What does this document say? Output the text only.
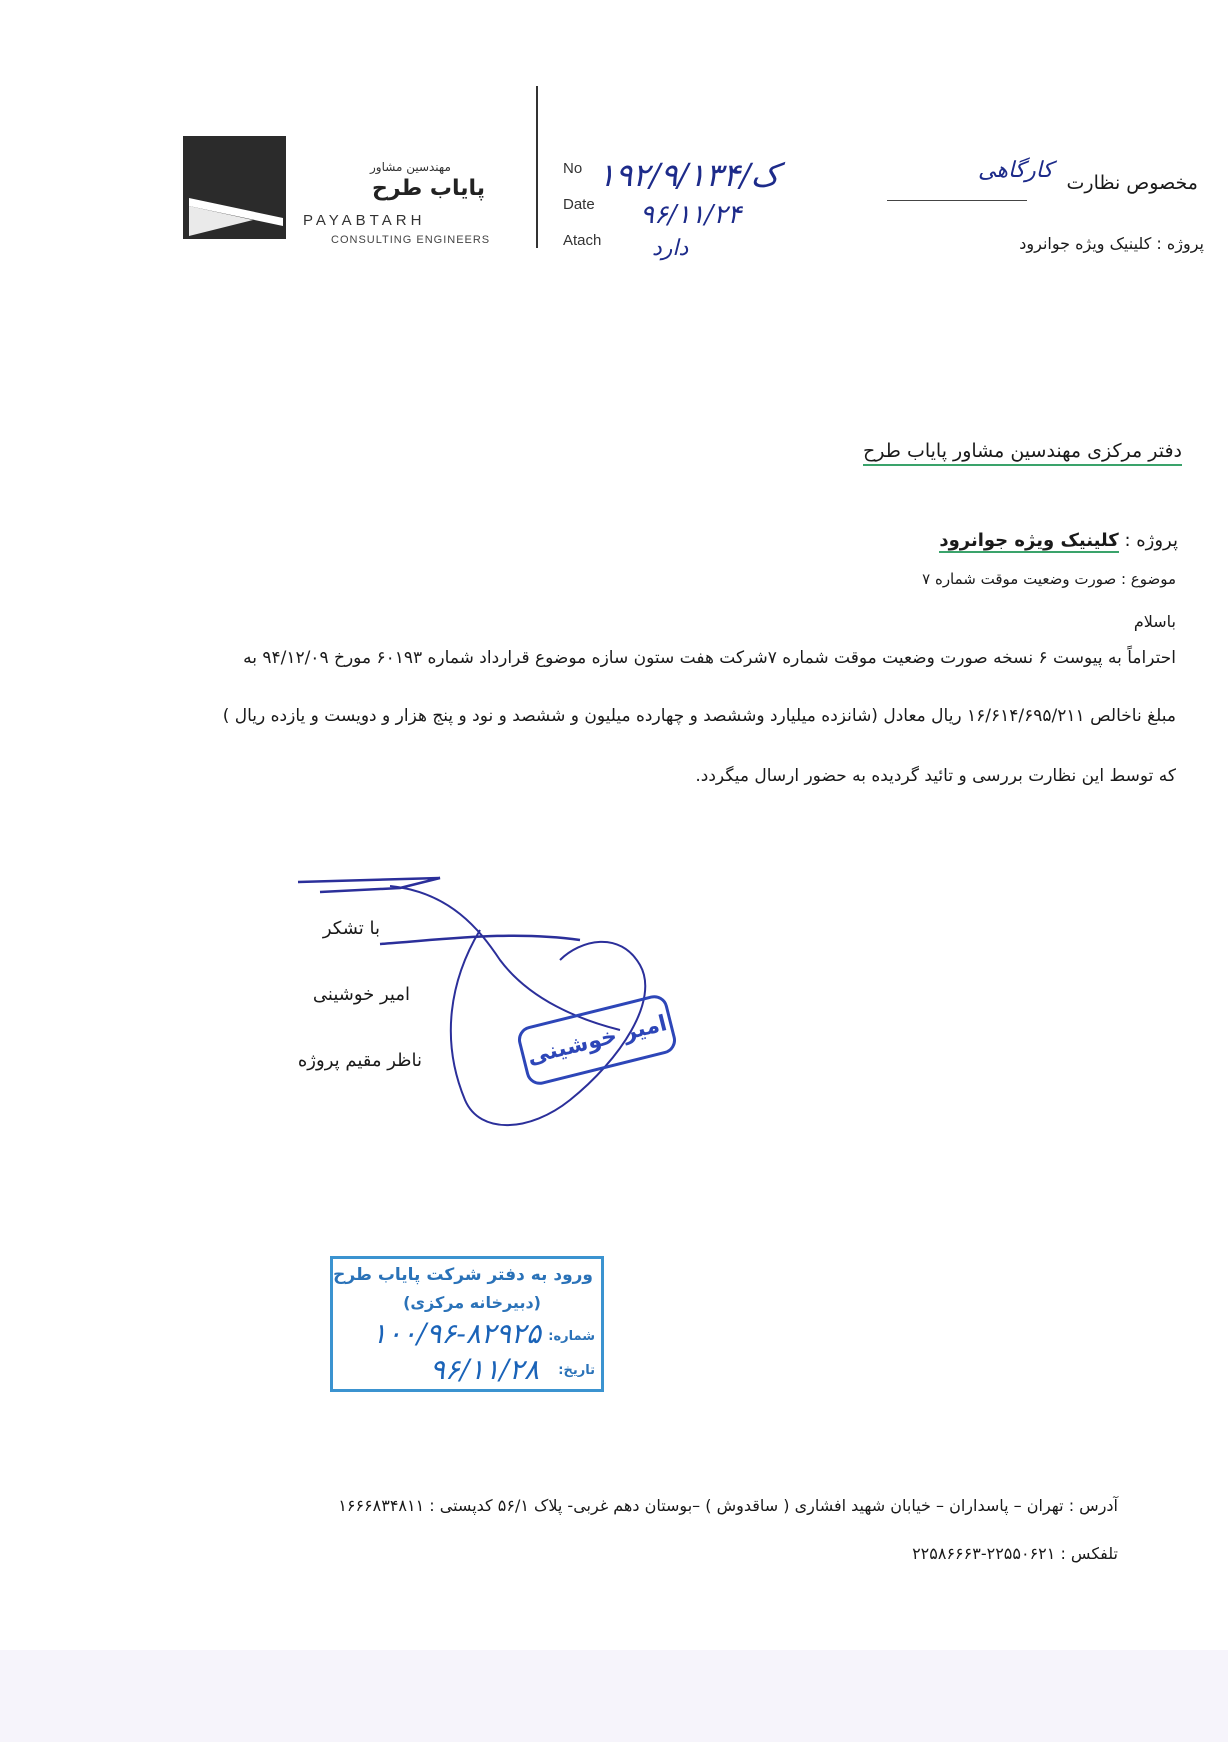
مهندسین مشاور
پایاب طرح
PAYABTARH
CONSULTING ENGINEERS
No
Date
Atach
۱۹۲/۹/ک/۱۳۴
۹۶/۱۱/۲۴
دارد
مخصوص نظارت
کارگاهی
پروژه : کلینیک ویژه جوانرود
دفتر مرکزی مهندسین مشاور پایاب طرح
پروژه : کلینیک ویژه جوانرود
موضوع : صورت وضعیت موقت شماره ۷
باسلام
احتراماً به پیوست ۶ نسخه صورت وضعیت موقت شماره ۷شرکت هفت ستون سازه موضوع قرارداد شماره ۶۰۱۹۳ مورخ ۹۴/۱۲/۰۹ به
مبلغ ناخالص ۱۶/۶۱۴/۶۹۵/۲۱۱ ریال معادل (شانزده میلیارد وششصد و چهارده میلیون و ششصد و نود و پنج هزار و دویست و یازده ریال )
که توسط این نظارت بررسی و تائید گردیده به حضور ارسال میگردد.
با تشکر
امیر خوشینی
ناظر مقیم پروژه	امیر خوشینی
ورود به دفتر شرکت پایاب طرح
(دبیرخانه مرکزی)
شماره:
۱۰۰/۹۶-۸۲۹۲۵
تاریخ:
۹۶/۱۱/۲۸
آدرس : تهران – پاسداران – خیابان شهید افشاری ( ساقدوش ) –بوستان دهم غربی- پلاک ۵۶/۱ کدپستی : ۱۶۶۶۸۳۴۸۱۱
تلفکس : ۲۲۵۵۰۶۲۱-۲۲۵۸۶۶۶۳
